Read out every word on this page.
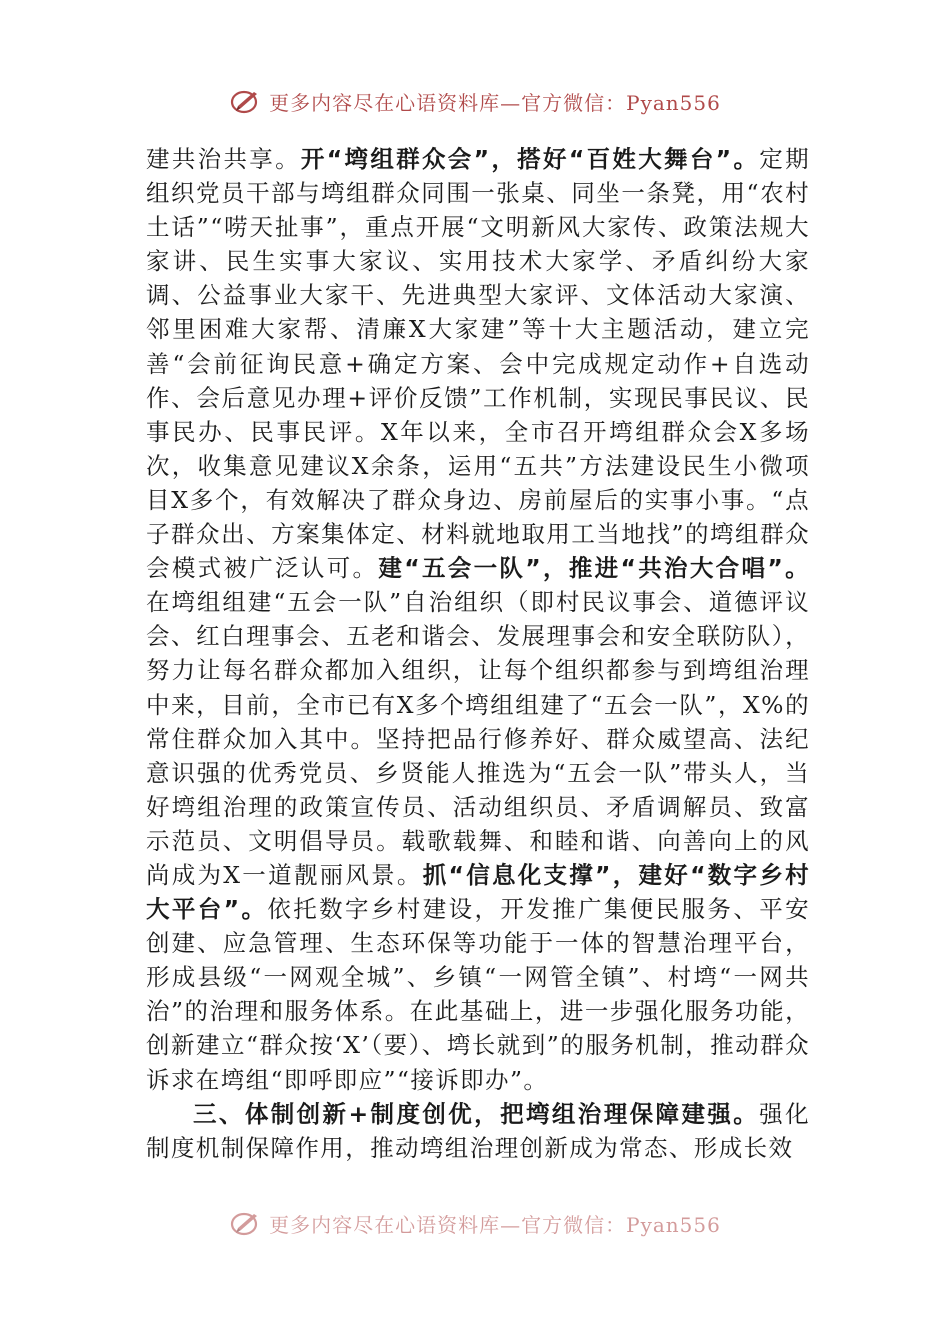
更多内容尽在心语资料库—官方微信：Pyan556

建共治共享。开“塆组群众会”，搭好“百姓大舞台”。定期组织党员干部与塆组群众同围一张桌、同坐一条凳，用“农村土话”“唠天扯事”，重点开展“文明新风大家传、政策法规大家讲、民生实事大家议、实用技术大家学、矛盾纠纷大家调、公益事业大家干、先进典型大家评、文体活动大家演、邻里困难大家帮、清廉X大家建”等十大主题活动，建立完善“会前征询民意+确定方案、会中完成规定动作+自选动作、会后意见办理+评价反馈”工作机制，实现民事民议、民事民办、民事民评。X年以来，全市召开塆组群众会X多场次，收集意见建议X余条，运用“五共”方法建设民生小微项目X多个，有效解决了群众身边、房前屋后的实事小事。“点子群众出、方案集体定、材料就地取用工当地找”的塆组群众会模式被广泛认可。建“五会一队”，推进“共治大合唱”。在塆组组建“五会一队”自治组织（即村民议事会、道德评议会、红白理事会、五老和谐会、发展理事会和安全联防队），努力让每名群众都加入组织，让每个组织都参与到塆组治理中来，目前，全市已有X多个塆组组建了“五会一队”，X%的常住群众加入其中。坚持把品行修养好、群众威望高、法纪意识强的优秀党员、乡贤能人推选为“五会一队”带头人，当好塆组治理的政策宣传员、活动组织员、矛盾调解员、致富示范员、文明倡导员。载歌载舞、和睦和谐、向善向上的风尚成为X一道靓丽风景。抓“信息化支撑”，建好“数字乡村大平台”。依托数字乡村建设，开发推广集便民服务、平安创建、应急管理、生态环保等功能于一体的智慧治理平台，形成县级“一网观全城”、乡镇“一网管全镇”、村塆“一网共治”的治理和服务体系。在此基础上，进一步强化服务功能，创新建立“群众按‘X’（要）、塆长就到”的服务机制，推动群众诉求在塆组“即呼即应”“接诉即办”。

三、体制创新+制度创优，把塆组治理保障建强。强化制度机制保障作用，推动塆组治理创新成为常态、形成长效

更多内容尽在心语资料库—官方微信：Pyan556
